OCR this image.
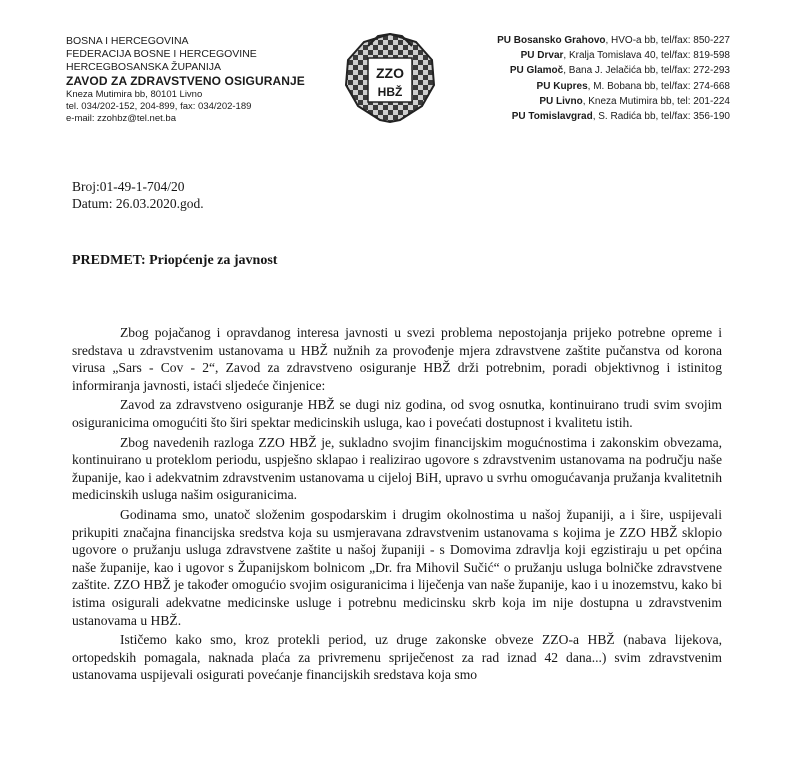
BOSNA I HERCEGOVINA
FEDERACIJA BOSNE I HERCEGOVINE
HERCEGBOSANSKA ŽUPANIJA
ZAVOD ZA ZDRAVSTVENO OSIGURANJE
Kneza Mutimira bb, 80101 Livno
tel. 034/202-152, 204-899, fax: 034/202-189
e-mail: zzohbz@tel.net.ba
ZZO
HBŽ
PU Bosansko Grahovo, HVO-a bb, tel/fax: 850-227
PU Drvar, Kralja Tomislava 40, tel/fax: 819-598
PU Glamoč, Bana J. Jelačića bb, tel/fax: 272-293
PU Kupres, M. Bobana bb, tel/fax: 274-668
PU Livno, Kneza Mutimira bb, tel: 201-224
PU Tomislavgrad, S. Radića bb, tel/fax: 356-190
Broj:01-49-1-704/20
Datum: 26.03.2020.god.
PREDMET: Priopćenje za javnost

Zbog pojačanog i opravdanog interesa javnosti u svezi problema nepostojanja prijeko potrebne opreme i sredstava u zdravstvenim ustanovama u HBŽ nužnih za provođenje mjera zdravstvene zaštite pučanstva od korona virusa „Sars - Cov - 2“, Zavod za zdravstveno osiguranje HBŽ drži potrebnim, poradi objektivnog i istinitog informiranja javnosti, istaći sljedeće činjenice:

Zavod za zdravstveno osiguranje HBŽ se dugi niz godina, od svog osnutka, kontinuirano trudi svim svojim osiguranicima omogućiti što širi spektar medicinskih usluga, kao i povećati dostupnost i kvalitetu istih.

Zbog navedenih razloga ZZO HBŽ je, sukladno svojim financijskim mogućnostima i zakonskim obvezama, kontinuirano u proteklom periodu, uspješno sklapao i realizirao ugovore s zdravstvenim ustanovama na području naše županije, kao i adekvatnim zdravstvenim ustanovama u cijeloj BiH, upravo u svrhu omogućavanja pružanja kvalitetnih medicinskih usluga našim osiguranicima.

Godinama smo, unatoč složenim gospodarskim i drugim okolnostima u našoj županiji, a i šire, uspijevali prikupiti značajna financijska sredstva koja su usmjeravana zdravstvenim ustanovama s kojima je ZZO HBŽ sklopio ugovore o pružanju usluga zdravstvene zaštite u našoj županiji - s Domovima zdravlja koji egzistiraju u pet općina naše županije, kao i ugovor s Županijskom bolnicom „Dr. fra Mihovil Sučić“ o pružanju usluga bolničke zdravstvene zaštite. ZZO HBŽ je također omogućio svojim osiguranicima i liječenja van naše županije, kao i u inozemstvu, kako bi istima osigurali adekvatne medicinske usluge i potrebnu medicinsku skrb koja im nije dostupna u zdravstvenim ustanovama u HBŽ.

Ističemo kako smo, kroz protekli period, uz druge zakonske obveze ZZO-a HBŽ (nabava lijekova, ortopedskih pomagala, naknada plaća za privremenu spriječenost za rad iznad 42 dana...) svim zdravstvenim ustanovama uspijevali osigurati povećanje financijskih sredstava koja smo
